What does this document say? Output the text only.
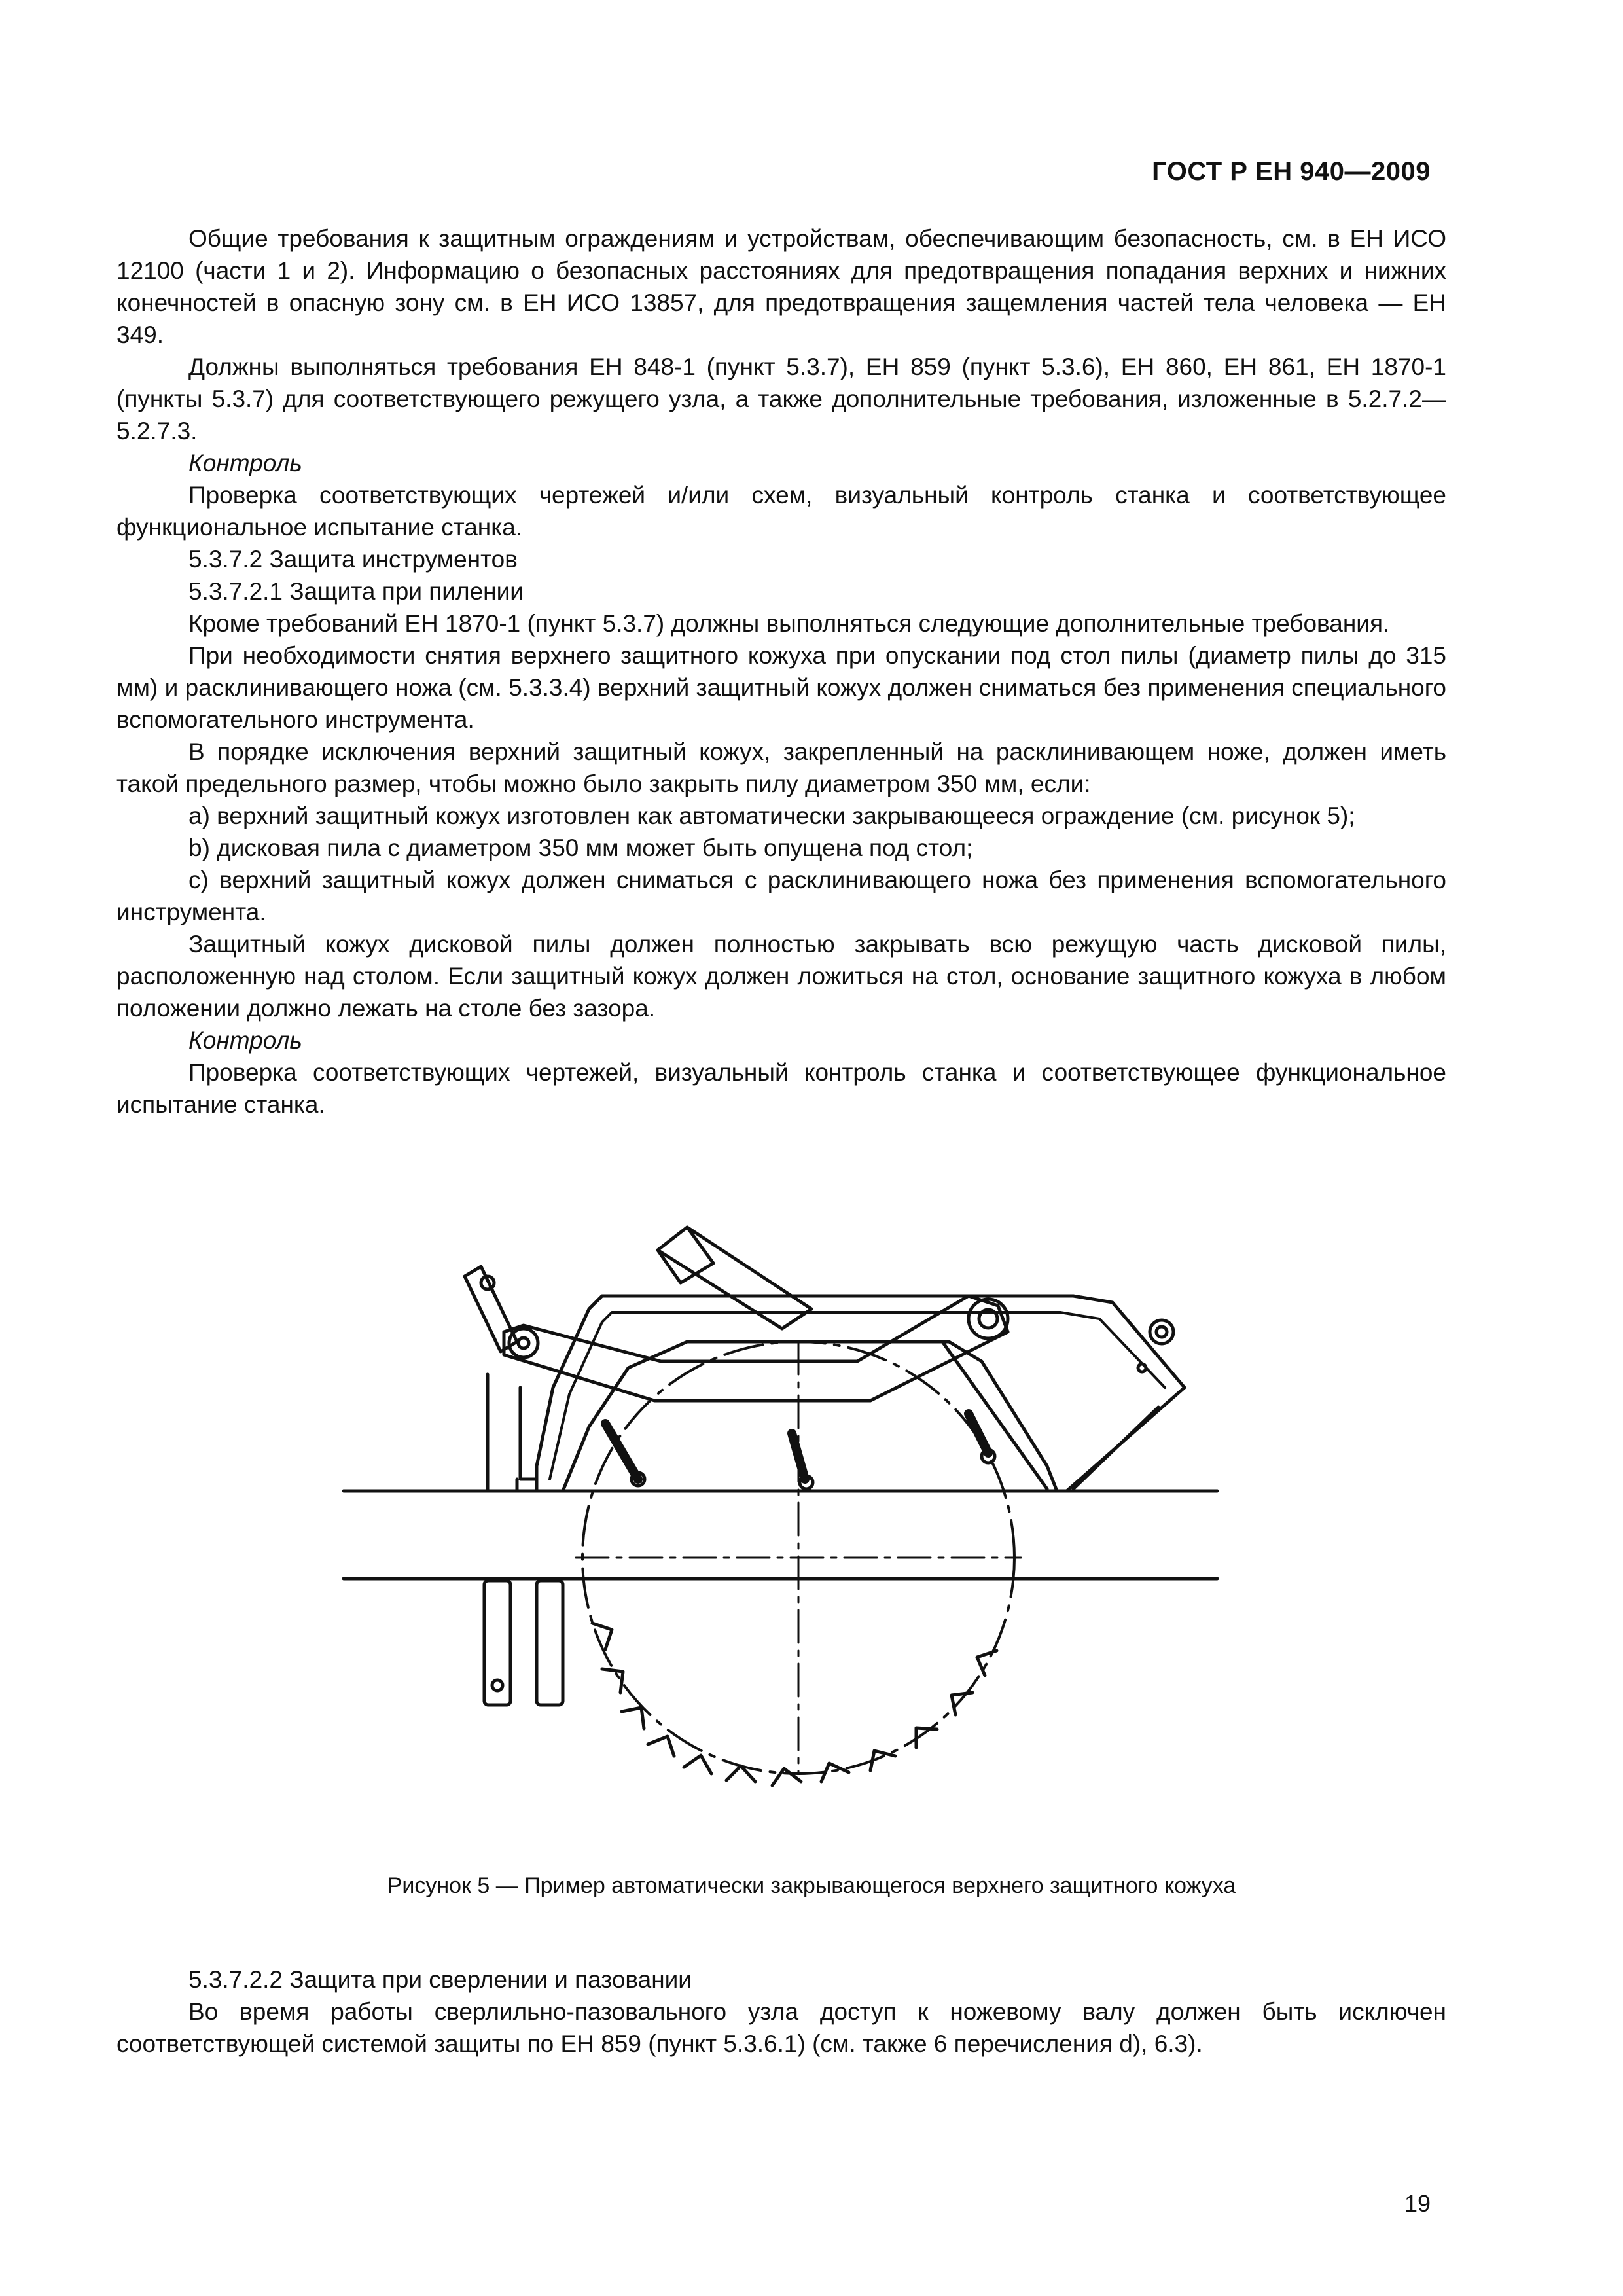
ГОСТ Р ЕН 940—2009

Общие требования к защитным ограждениям и устройствам, обеспечивающим безопасность, см. в ЕН ИСО 12100 (части 1 и 2). Информацию о безопасных расстояниях для предотвращения попадания верхних и нижних конечностей в опасную зону см. в ЕН ИСО 13857, для предотвращения защемления частей тела человека — ЕН 349.

Должны выполняться требования ЕН 848-1 (пункт 5.3.7), ЕН 859 (пункт 5.3.6), ЕН 860, ЕН 861, ЕН 1870-1 (пункты 5.3.7) для соответствующего режущего узла, а также дополнительные требования, изложенные в 5.2.7.2—5.2.7.3.

Контроль

Проверка соответствующих чертежей и/или схем, визуальный контроль станка и соответствующее функциональное испытание станка.

5.3.7.2 Защита инструментов

5.3.7.2.1 Защита при пилении

Кроме требований ЕН 1870-1 (пункт 5.3.7) должны выполняться следующие дополнительные требования.

При необходимости снятия верхнего защитного кожуха при опускании под стол пилы (диаметр пилы до 315 мм) и расклинивающего ножа (см. 5.3.3.4) верхний защитный кожух должен сниматься без применения специального вспомогательного инструмента.

В порядке исключения верхний защитный кожух, закрепленный на расклинивающем ноже, должен иметь такой предельного размер, чтобы можно было закрыть пилу диаметром 350 мм, если:

a) верхний защитный кожух изготовлен как автоматически закрывающееся ограждение (см. рисунок 5);

b) дисковая пила с диаметром 350 мм может быть опущена под стол;

c) верхний защитный кожух должен сниматься с расклинивающего ножа без применения вспомогательного инструмента.

Защитный кожух дисковой пилы должен полностью закрывать всю режущую часть дисковой пилы, расположенную над столом. Если защитный кожух должен ложиться на стол, основание защитного кожуха в любом положении должно лежать на столе без зазора.

Контроль

Проверка соответствующих чертежей, визуальный контроль станка и соответствующее функциональное испытание станка.

Рисунок 5 — Пример автоматически закрывающегося верхнего защитного кожуха

5.3.7.2.2 Защита при сверлении и пазовании

Во время работы сверлильно-пазовального узла доступ к ножевому валу должен быть исключен соответствующей системой защиты по ЕН 859 (пункт 5.3.6.1) (см. также 6 перечисления d), 6.3).

19
